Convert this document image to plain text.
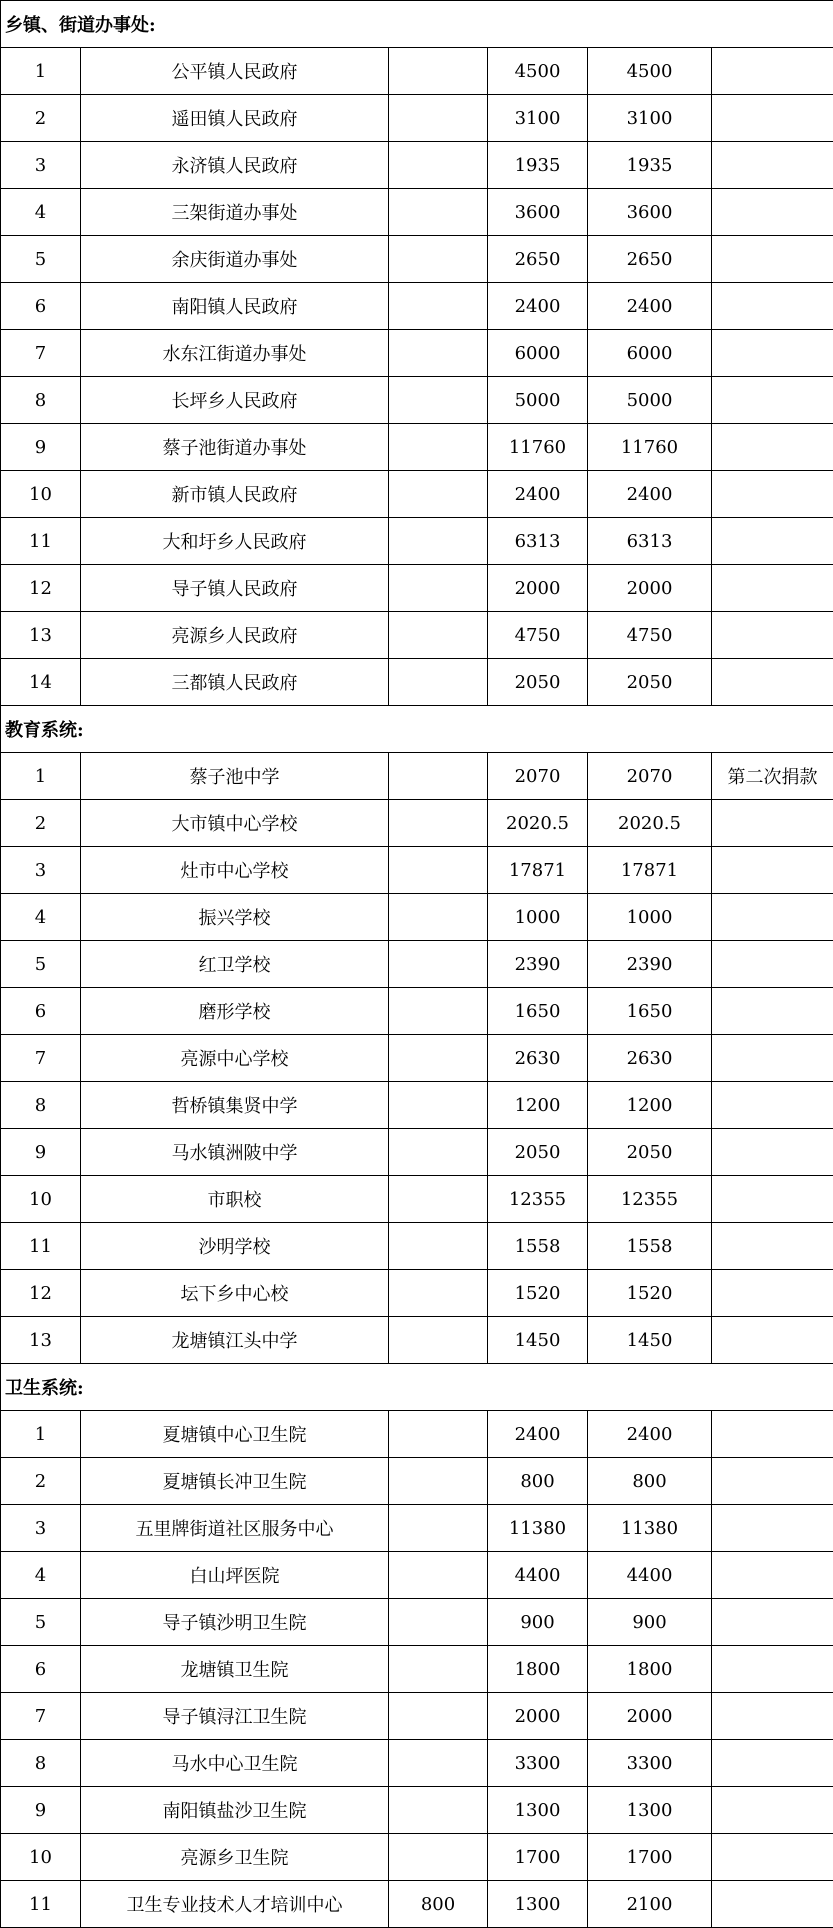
乡镇、街道办事处:					
1	公平镇人民政府		4500	4500	
2	遥田镇人民政府		3100	3100	
3	永济镇人民政府		1935	1935	
4	三架街道办事处		3600	3600	
5	余庆街道办事处		2650	2650	
6	南阳镇人民政府		2400	2400	
7	水东江街道办事处		6000	6000	
8	长坪乡人民政府		5000	5000	
9	蔡子池街道办事处		11760	11760	
10	新市镇人民政府		2400	2400	
11	大和圩乡人民政府		6313	6313	
12	导子镇人民政府		2000	2000	
13	亮源乡人民政府		4750	4750	
14	三都镇人民政府		2050	2050	
教育系统:					
1	蔡子池中学		2070	2070	第二次捐款
2	大市镇中心学校		2020.5	2020.5	
3	灶市中心学校		17871	17871	
4	振兴学校		1000	1000	
5	红卫学校		2390	2390	
6	磨形学校		1650	1650	
7	亮源中心学校		2630	2630	
8	哲桥镇集贤中学		1200	1200	
9	马水镇洲陂中学		2050	2050	
10	市职校		12355	12355	
11	沙明学校		1558	1558	
12	坛下乡中心校		1520	1520	
13	龙塘镇江头中学		1450	1450	
卫生系统:					
1	夏塘镇中心卫生院		2400	2400	
2	夏塘镇长冲卫生院		800	800	
3	五里牌街道社区服务中心		11380	11380	
4	白山坪医院		4400	4400	
5	导子镇沙明卫生院		900	900	
6	龙塘镇卫生院		1800	1800	
7	导子镇浔江卫生院		2000	2000	
8	马水中心卫生院		3300	3300	
9	南阳镇盐沙卫生院		1300	1300	
10	亮源乡卫生院		1700	1700	
11	卫生专业技术人才培训中心	800	1300	2100	
